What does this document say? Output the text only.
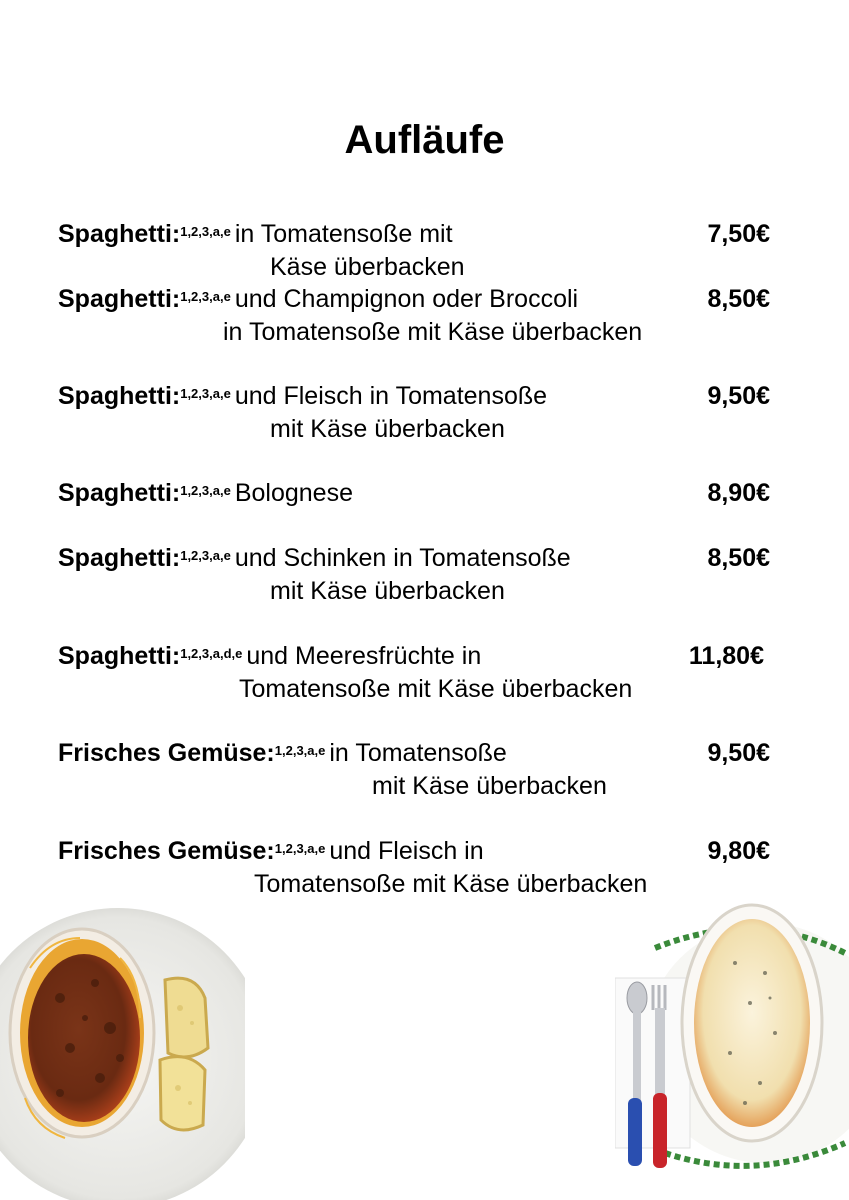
Aufläufe
Spaghetti:$^{1,2,3,a,e}$ in Tomatensoße mit	7,50€
Käse überbacken
Spaghetti:$^{1,2,3,a,e}$ und Champignon oder Broccoli	8,50€
in Tomatensoße mit Käse überbacken
Spaghetti:$^{1,2,3,a,e}$ und Fleisch in Tomatensoße	9,50€
mit Käse überbacken
Spaghetti:$^{1,2,3,a,e}$ Bolognese	8,90€
Spaghetti:$^{1,2,3,a,e}$ und Schinken in Tomatensoße	8,50€
mit Käse überbacken
Spaghetti:$^{1,2,3,a,d,e}$ und Meeresfrüchte in	11,80€
Tomatensoße mit Käse überbacken
Frisches Gemüse:$^{1,2,3,a,e}$ in Tomatensoße	9,50€
mit Käse überbacken
Frisches Gemüse:$^{1,2,3,a,e}$ und Fleisch in	9,80€
Tomatensoße mit Käse überbacken
